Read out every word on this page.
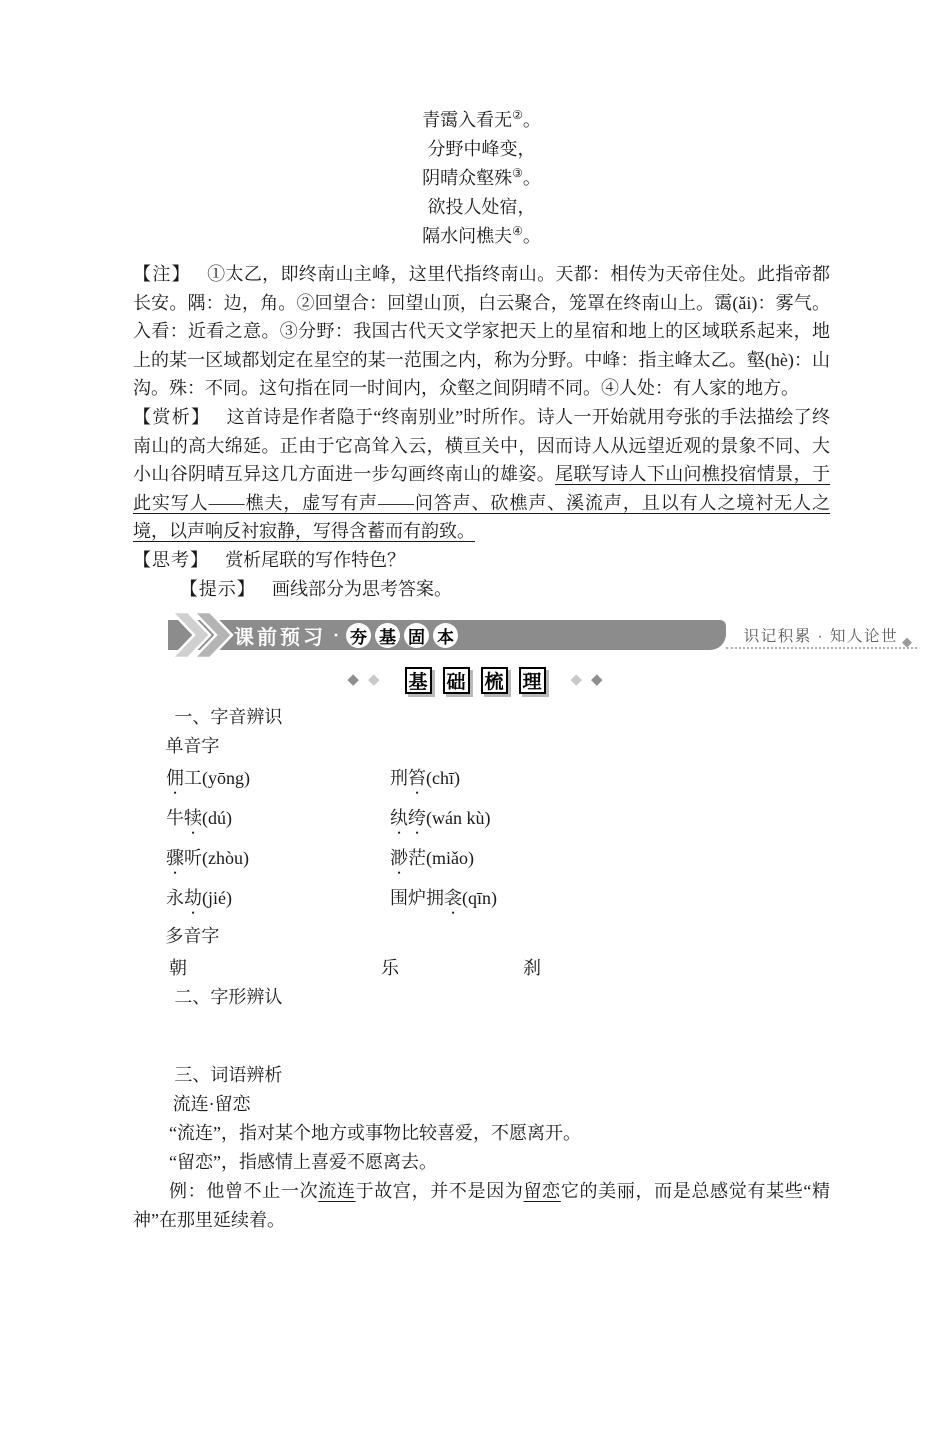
青霭入看无②。
分野中峰变，
阴晴众壑殊③。
欲投人处宿，
隔水问樵夫④。

【注】 ①太乙，即终南山主峰，这里代指终南山。天都：相传为天帝住处。此指帝都长安。隅：边，角。②回望合：回望山顶，白云聚合，笼罩在终南山上。霭(ǎi)：雾气。入看：近看之意。③分野：我国古代天文学家把天上的星宿和地上的区域联系起来，地上的某一区域都划定在星空的某一范围之内，称为分野。中峰：指主峰太乙。壑(hè)：山沟。殊：不同。这句指在同一时间内，众壑之间阴晴不同。④人处：有人家的地方。

【赏析】 这首诗是作者隐于“终南别业”时所作。诗人一开始就用夸张的手法描绘了终南山的高大绵延。正由于它高耸入云，横亘关中，因而诗人从远望近观的景象不同、大小山谷阴晴互异这几方面进一步勾画终南山的雄姿。尾联写诗人下山问樵投宿情景，于此实写人——樵夫，虚写有声——问答声、砍樵声、溪流声，且以有人之境衬无人之境，以声响反衬寂静，写得含蓄而有韵致。

【思考】 赏析尾联的写作特色？

【提示】 画线部分为思考答案。

课前预习 · 夯 基 固 本	识记积累 · 知人论世 ◆
◆ ◆ 基 础 梳 理 ◆ ◆

一、字音辨识

单音字

佣工(yōng)	刑笞(chī)
牛犊(dú)	纨绔(wán kù)
骤听(zhòu)	渺茫(miǎo)
永劫(jié)	围炉拥衾(qīn)

多音字

朝	乐	刹

二、字形辨认

三、词语辨析

流连·留恋

“流连”，指对某个地方或事物比较喜爱，不愿离开。

“留恋”，指感情上喜爱不愿离去。

例：他曾不止一次流连于故宫，并不是因为留恋它的美丽，而是总感觉有某些“精神”在那里延续着。
